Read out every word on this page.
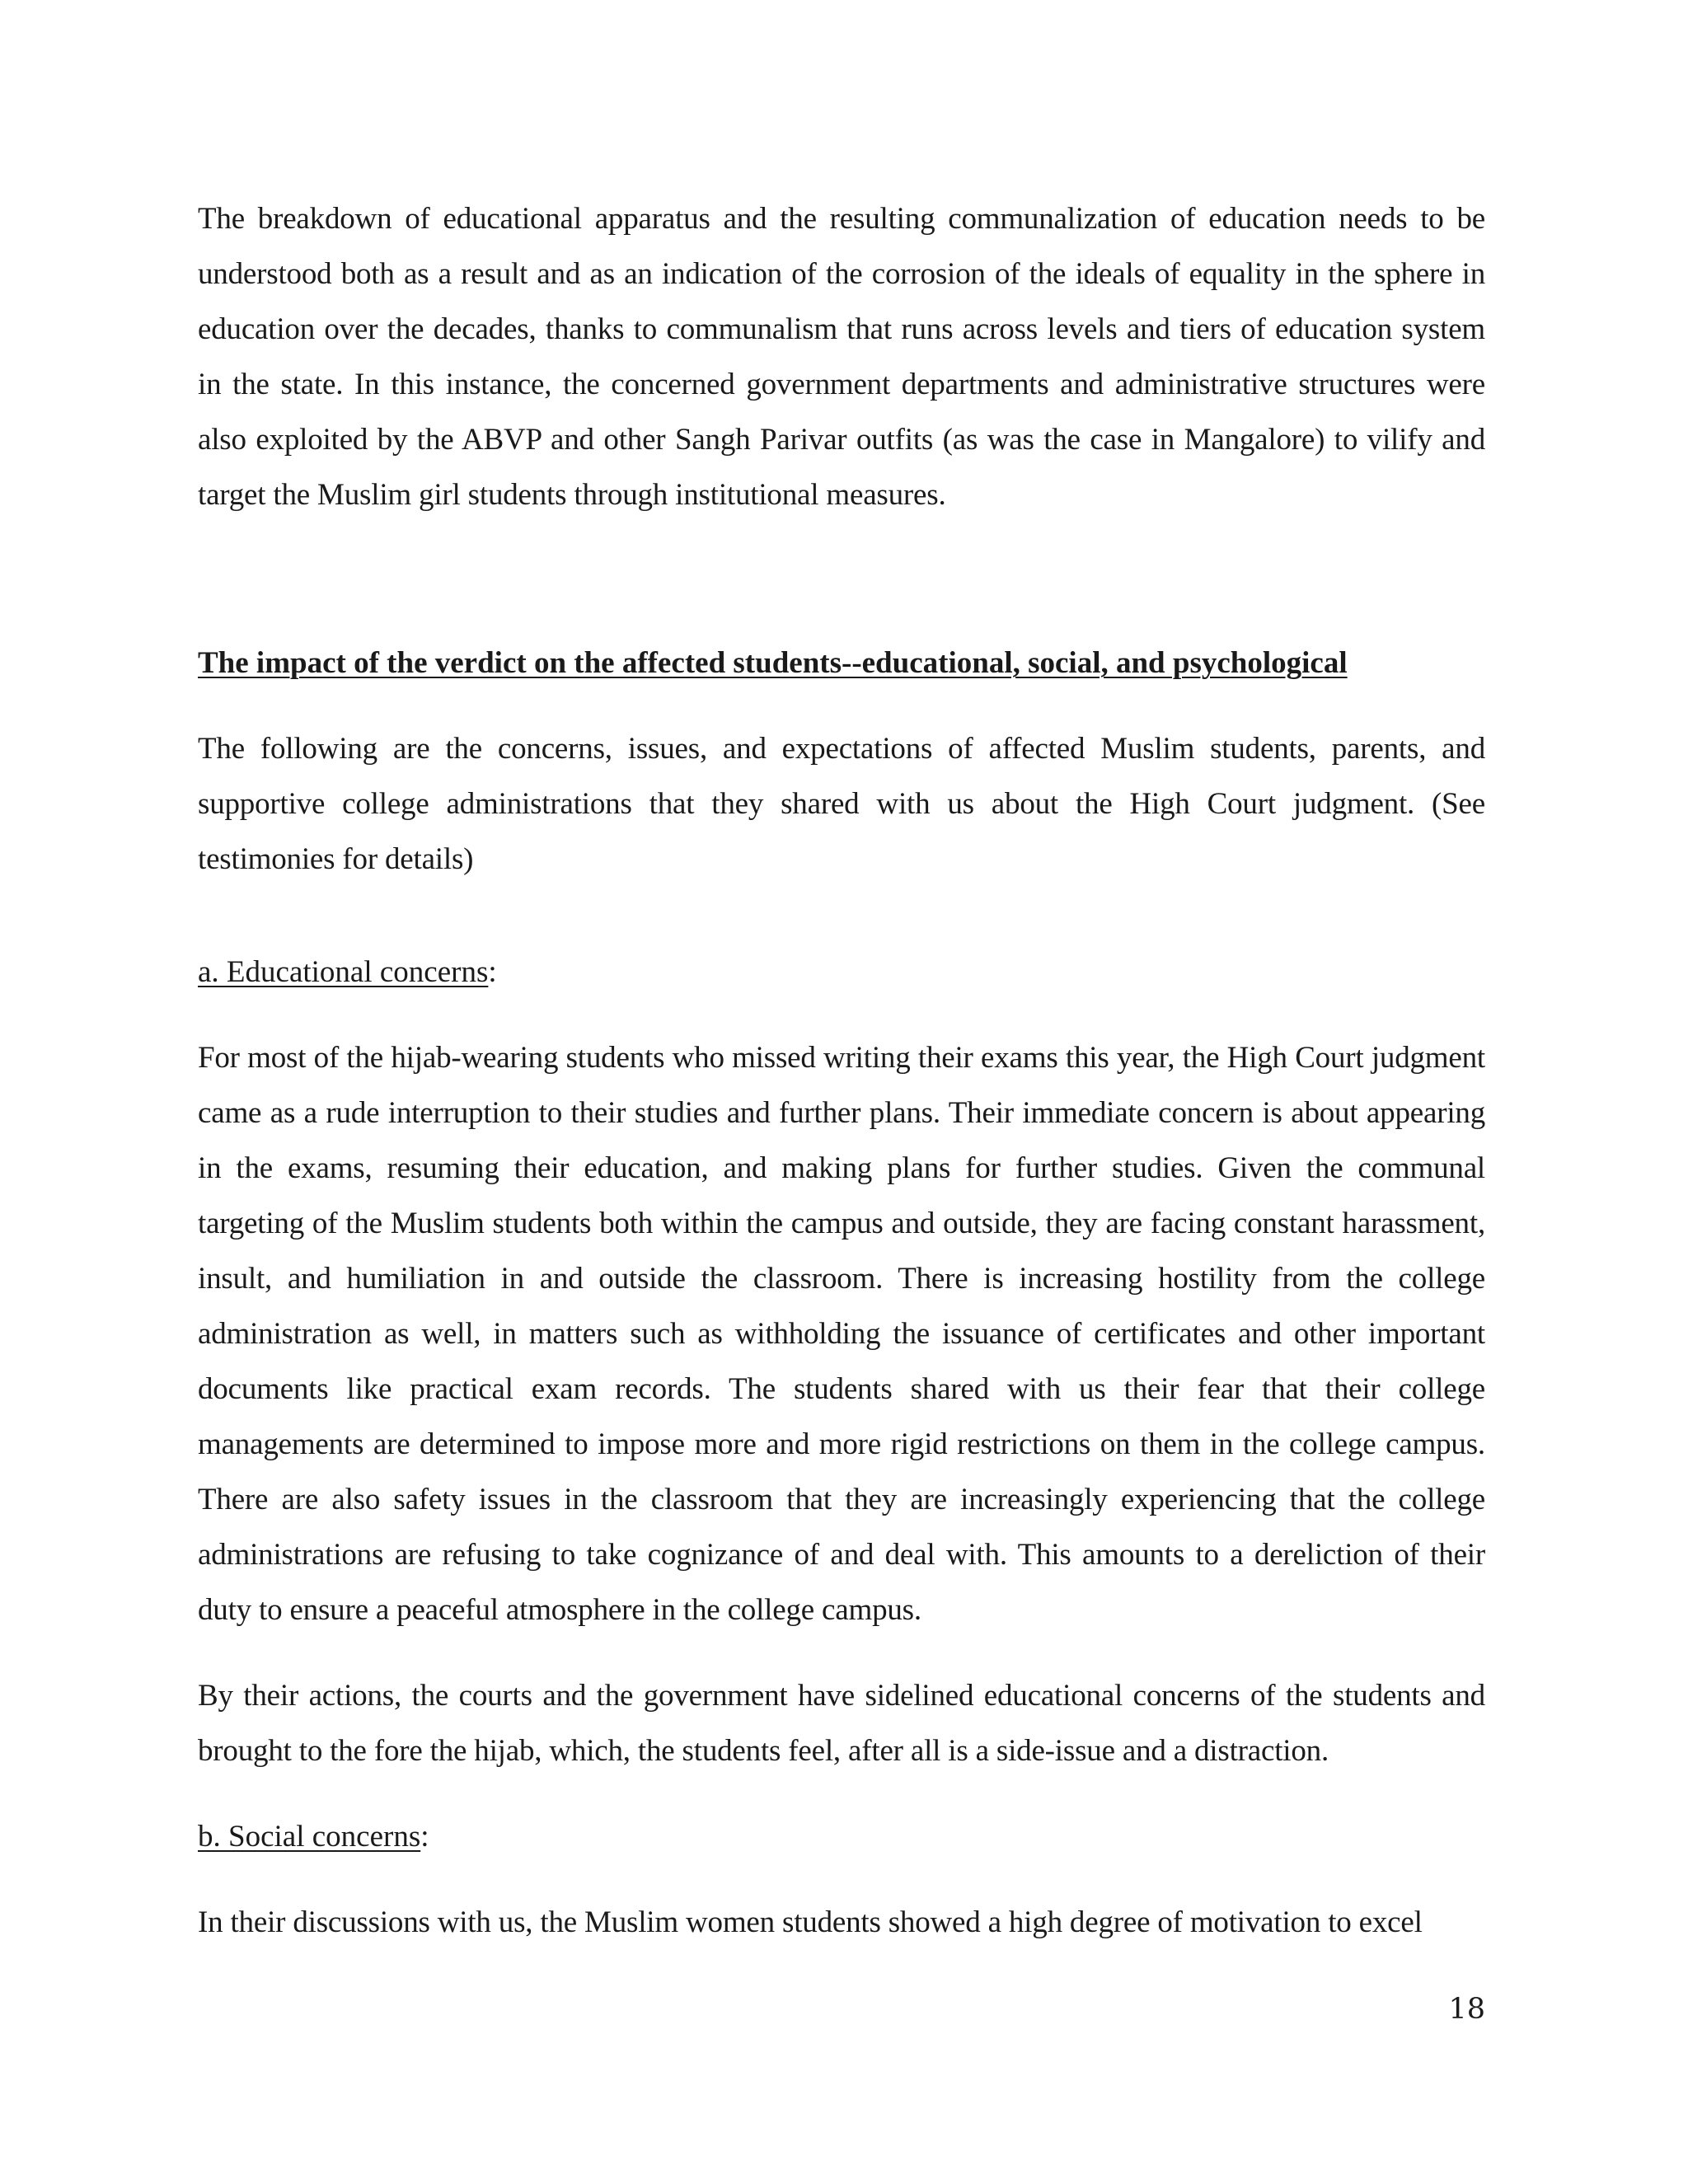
The breakdown of educational apparatus and the resulting communalization of education needs to be understood both as a result and as an indication of the corrosion of the ideals of equality in the sphere in education over the decades, thanks to communalism that runs across levels and tiers of education system in the state. In this instance, the concerned government departments and administrative structures were also exploited by the ABVP and other Sangh Parivar outfits (as was the case in Mangalore) to vilify and target the Muslim girl students through institutional measures.

The impact of the verdict on the affected students--educational, social, and psychological

The following are the concerns, issues, and expectations of affected Muslim students, parents, and supportive college administrations that they shared with us about the High Court judgment. (See testimonies for details)

a. Educational concerns:

For most of the hijab-wearing students who missed writing their exams this year, the High Court judgment came as a rude interruption to their studies and further plans. Their immediate concern is about appearing in the exams, resuming their education, and making plans for further studies. Given the communal targeting of the Muslim students both within the campus and outside, they are facing constant harassment, insult, and humiliation in and outside the classroom. There is increasing hostility from the college administration as well, in matters such as withholding the issuance of certificates and other important documents like practical exam records. The students shared with us their fear that their college managements are determined to impose more and more rigid restrictions on them in the college campus. There are also safety issues in the classroom that they are increasingly experiencing that the college administrations are refusing to take cognizance of and deal with. This amounts to a dereliction of their duty to ensure a peaceful atmosphere in the college campus.

By their actions, the courts and the government have sidelined educational concerns of the students and brought to the fore the hijab, which, the students feel, after all is a side-issue and a distraction.

b. Social concerns:

In their discussions with us, the Muslim women students showed a high degree of motivation to excel

18
